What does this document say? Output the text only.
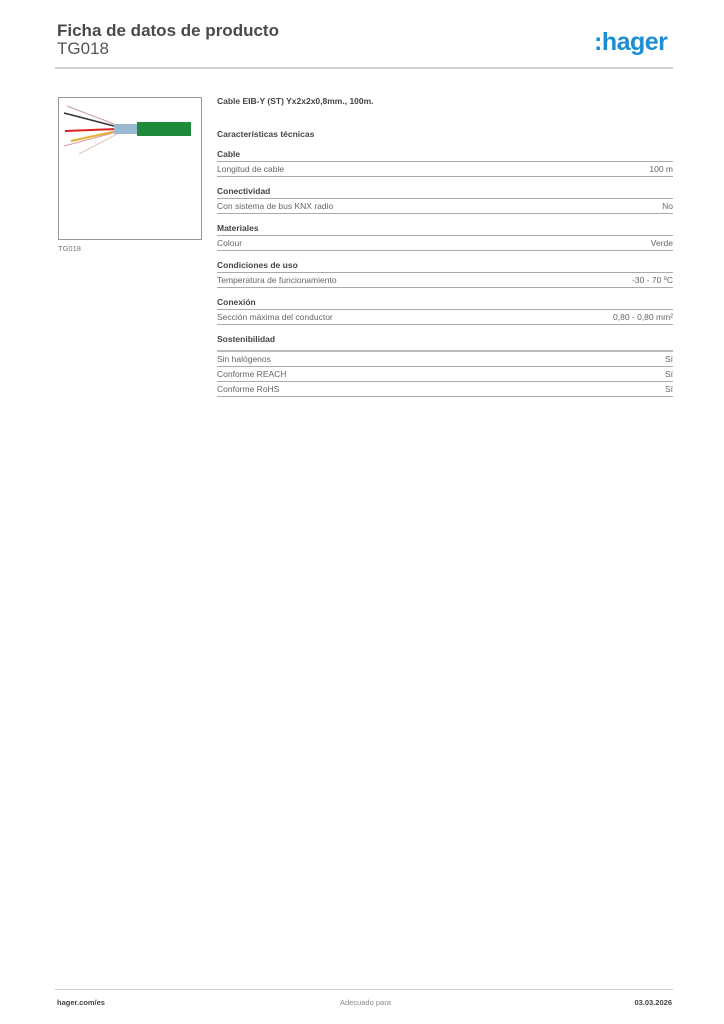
Ficha de datos de producto
TG018	:hager
TG018
Cable EIB-Y (ST) Yx2x2x0,8mm., 100m.
Características técnicas
Cable
Longitud de cable	100 m
Conectividad
Con sistema de bus KNX radio	No
Materiales
Colour	Verde
Condiciones de uso
Temperatura de funcionamiento	-30 - 70 ºC
Conexión
Sección máxima del conductor	0,80 - 0,80 mm²
Sostenibilidad
Sin halógenos	Sí
Conforme REACH	Sí
Conforme RoHS	Sí
hager.com/es	Adecuado para	03.03.2026
